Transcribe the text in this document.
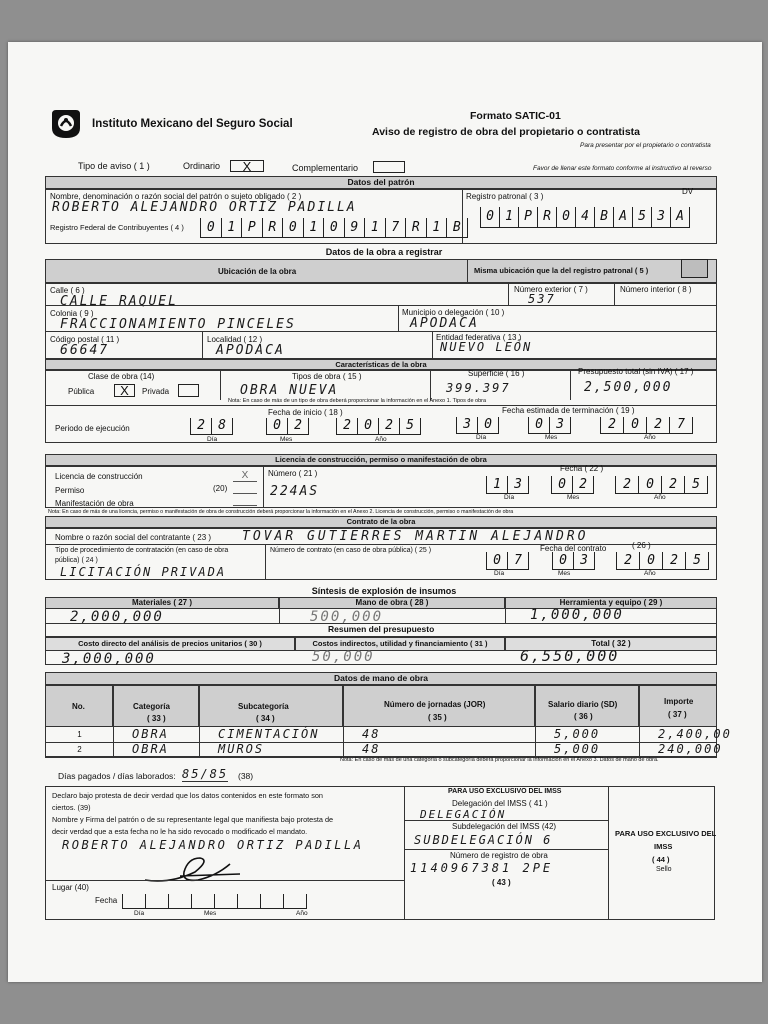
Instituto Mexicano del Seguro Social
Formato SATIC-01
Aviso de registro de obra del propietario o contratista
Para presentar por el propietario o contratista
Tipo de aviso ( 1 )	Ordinario	X	Complementario	Favor de llenar este formato conforme al instructivo al reverso
Datos del patrón
Nombre, denominación o razón social del patrón o sujeto obligado ( 2 )
ROBERTO ALEJANDRO ORTIZ PADILLA
Registro patronal ( 3 )
DV
0 1 P R 0 4 B A 5 3 A
Registro Federal de Contribuyentes ( 4 )	0 1 P R 0 1 0 9 1 7 R 1 B
Datos de la obra a registrar
Ubicación de la obra	Misma ubicación que la del registro patronal ( 5 )
Calle ( 6 )
CALLE RAQUEL
Número exterior ( 7 )
537
Número interior ( 8 )
Colonia ( 9 )
FRACCIONAMIENTO PINCELES
Municipio o delegación ( 10 )
APODACA
Código postal ( 11 )
66647
Localidad ( 12 )
APODACA
Entidad federativa ( 13 )
NUEVO LEÓN
Características de la obra
Clase de obra (14)
Pública	X	Privada
Tipos de obra ( 15 )
OBRA NUEVA
Superficie ( 16 )
399.397
Presupuesto total (sin IVA) ( 17 )
2,500,000
Nota: En caso de más de un tipo de obra deberá proporcionar la información en el Anexo 1. Tipos de obra
Periodo de ejecución
Fecha de inicio ( 18 )
2	8	0	2	2	0	2	5
Día	Mes	Año
Fecha estimada de terminación ( 19 )
3	0	0	3	2	0	2	7
Día	Mes	Año
Licencia de construcción, permiso o manifestación de obra
Licencia de construcción	X
Permiso	(20)
Manifestación de obra
Número ( 21 )
224AS
Fecha ( 22 )
1	3	0	2	2	0	2	5
Día	Mes	Año
Nota: En caso de más de una licencia, permiso o manifestación de obra de construcción deberá proporcionar la información en el Anexo 2. Licencia de construcción, permiso o manifestación de obra
Contrato de la obra
Nombre o razón social del contratante ( 23 ) TOVAR GUTIERRES MARTIN ALEJANDRO
Tipo de procedimiento de contratación (en caso de obra
pública) ( 24 )
LICITACIÓN PRIVADA
Número de contrato (en caso de obra pública) ( 25 )	Fecha del contrato	( 26 )
0	7	0	3	2	0	2	5
Día	Mes	Año
Síntesis de explosión de insumos
Materiales ( 27 )	Mano de obra ( 28 )	Herramienta y equipo ( 29 )
2,000,000	500,000	1,000,000
Resumen del presupuesto
Costo directo del análisis de precios unitarios ( 30 )	Costos indirectos, utilidad y financiamiento ( 31 )	Total ( 32 )
3,000,000	50,000	6,550,000
Datos de mano de obra
No.	Categoría
( 33 )
Subcategoría
( 34 )
Número de jornadas (JOR)
( 35 )
Salario diario (SD)
( 36 )
Importe
( 37 )
1	OBRA	CIMENTACIÓN	48	5,000	2,400,00
2	OBRA	MUROS	48	5,000	240,000
Nota: En caso de más de una categoría o subcategoría deberá proporcionar la información en el Anexo 3. Datos de mano de obra.
Días pagados / días laborados: 85/85 (38)
Declaro bajo protesta de decir verdad que los datos contenidos en este formato son
ciertos. (39)
Nombre y Firma del patrón o de su representante legal que manifiesta bajo protesta de
decir verdad que a esta fecha no le ha sido revocado o modificado el mandato.
ROBERTO ALEJANDRO ORTIZ PADILLA
Lugar (40)
Fecha
Día	Mes	Año
PARA USO EXCLUSIVO DEL IMSS
Delegación del IMSS ( 41 )
DELEGACIÓN
Subdelegación del IMSS (42)
SUBDELEGACIÓN 6
Número de registro de obra
1140967381 2PE
( 43 )
PARA USO EXCLUSIVO DEL
IMSS
( 44 )
Sello
